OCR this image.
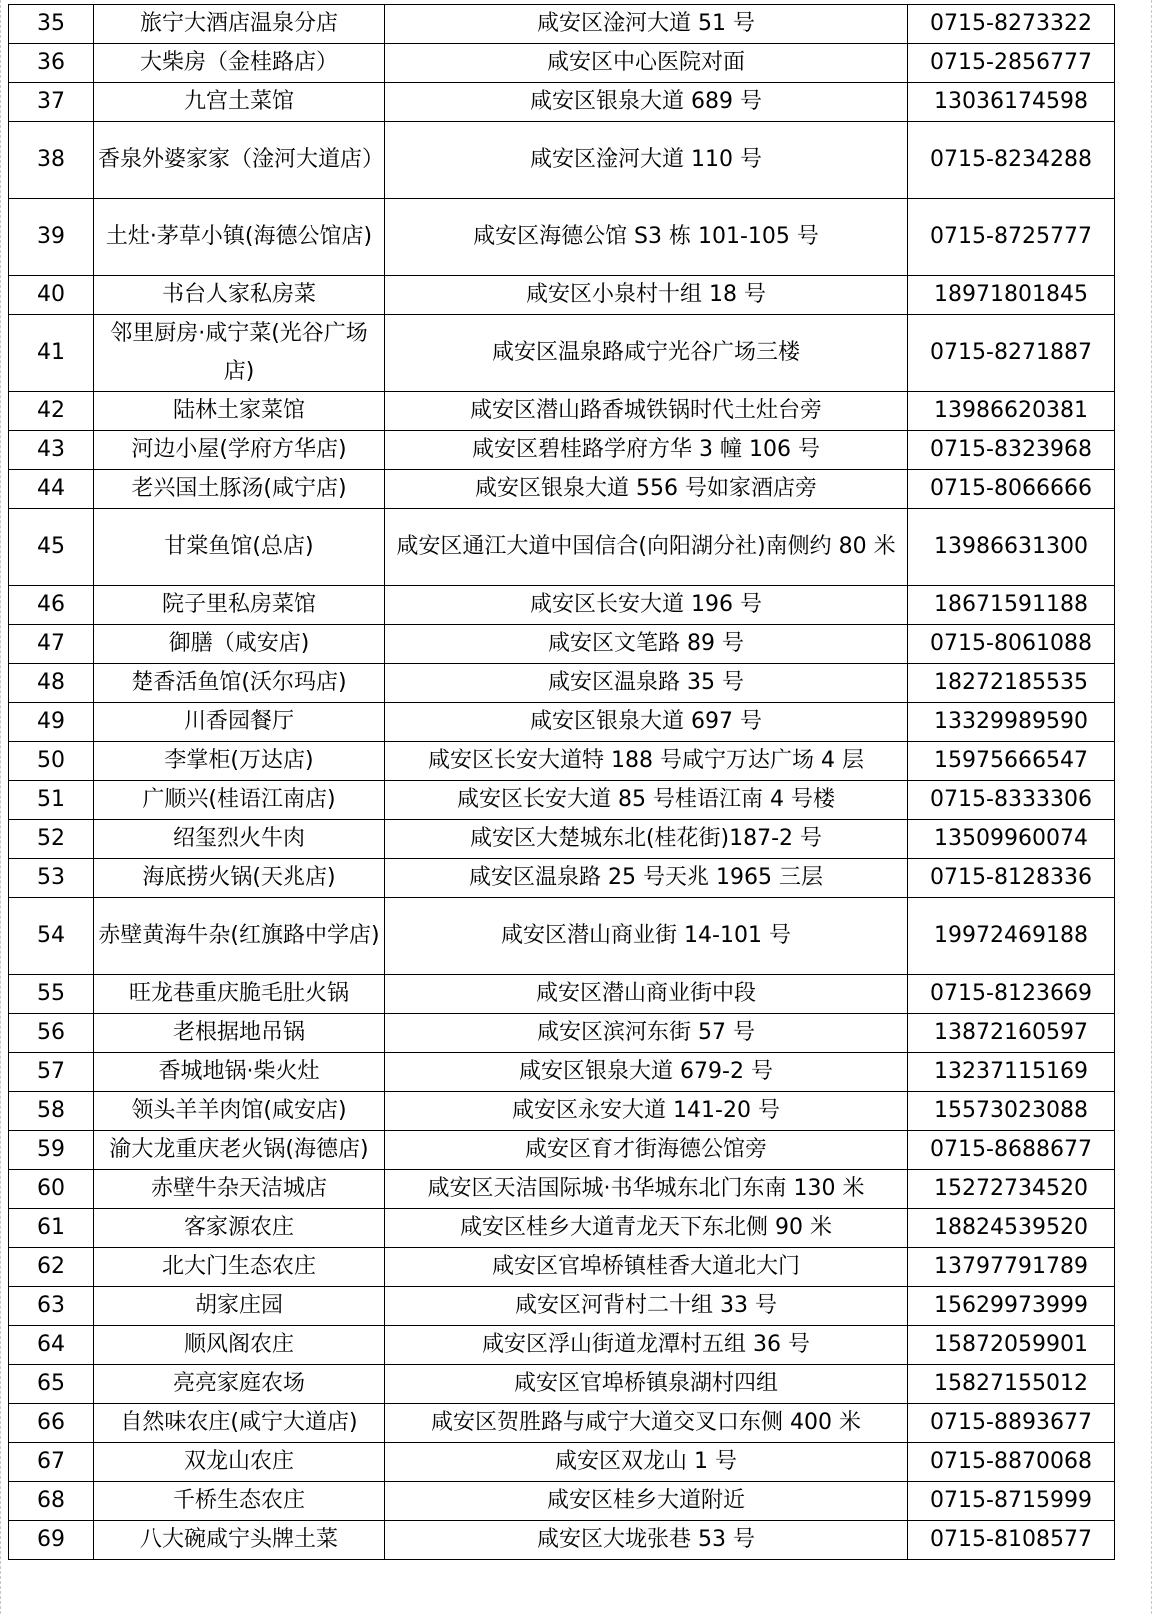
35	旅宁大酒店温泉分店	咸安区淦河大道 51 号	0715-8273322
36	大柴房（金桂路店）	咸安区中心医院对面	0715-2856777
37	九宫土菜馆	咸安区银泉大道 689 号	13036174598
38	香泉外婆家家（淦河大道店）	咸安区淦河大道 110 号	0715-8234288
39	土灶·茅草小镇(海德公馆店)	咸安区海德公馆 S3 栋 101-105 号	0715-8725777
40	书台人家私房菜	咸安区小泉村十组 18 号	18971801845
41	邻里厨房·咸宁菜(光谷广场店)	咸安区温泉路咸宁光谷广场三楼	0715-8271887
42	陆林土家菜馆	咸安区潜山路香城铁锅时代土灶台旁	13986620381
43	河边小屋(学府方华店)	咸安区碧桂路学府方华 3 幢 106 号	0715-8323968
44	老兴国土豚汤(咸宁店)	咸安区银泉大道 556 号如家酒店旁	0715-8066666
45	甘棠鱼馆(总店)	咸安区通江大道中国信合(向阳湖分社)南侧约 80 米	13986631300
46	院子里私房菜馆	咸安区长安大道 196 号	18671591188
47	御膳（咸安店)	咸安区文笔路 89 号	0715-8061088
48	楚香活鱼馆(沃尔玛店)	咸安区温泉路 35 号	18272185535
49	川香园餐厅	咸安区银泉大道 697 号	13329989590
50	李掌柜(万达店)	咸安区长安大道特 188 号咸宁万达广场 4 层	15975666547
51	广顺兴(桂语江南店)	咸安区长安大道 85 号桂语江南 4 号楼	0715-8333306
52	绍玺烈火牛肉	咸安区大楚城东北(桂花街)187-2 号	13509960074
53	海底捞火锅(天兆店)	咸安区温泉路 25 号天兆 1965 三层	0715-8128336
54	赤壁黄海牛杂(红旗路中学店)	咸安区潜山商业街 14-101 号	19972469188
55	旺龙巷重庆脆毛肚火锅	咸安区潜山商业街中段	0715-8123669
56	老根据地吊锅	咸安区滨河东街 57 号	13872160597
57	香城地锅·柴火灶	咸安区银泉大道 679-2 号	13237115169
58	领头羊羊肉馆(咸安店)	咸安区永安大道 141-20 号	15573023088
59	渝大龙重庆老火锅(海德店)	咸安区育才街海德公馆旁	0715-8688677
60	赤壁牛杂天洁城店	咸安区天洁国际城·书华城东北门东南 130 米	15272734520
61	客家源农庄	咸安区桂乡大道青龙天下东北侧 90 米	18824539520
62	北大门生态农庄	咸安区官埠桥镇桂香大道北大门	13797791789
63	胡家庄园	咸安区河背村二十组 33 号	15629973999
64	顺风阁农庄	咸安区浮山街道龙潭村五组 36 号	15872059901
65	亮亮家庭农场	咸安区官埠桥镇泉湖村四组	15827155012
66	自然味农庄(咸宁大道店)	咸安区贺胜路与咸宁大道交叉口东侧 400 米	0715-8893677
67	双龙山农庄	咸安区双龙山 1 号	0715-8870068
68	千桥生态农庄	咸安区桂乡大道附近	0715-8715999
69	八大碗咸宁头牌土菜	咸安区大垅张巷 53 号	0715-8108577
